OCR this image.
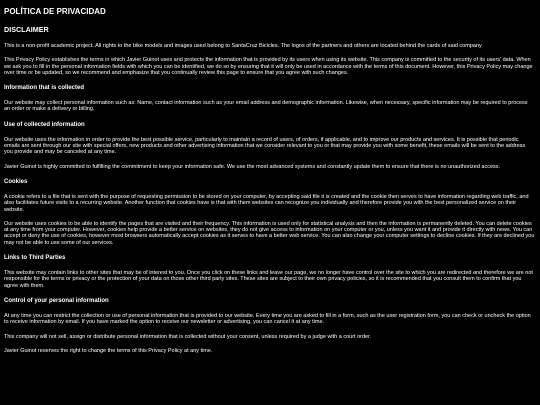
POLÍTICA DE PRIVACIDAD
DISCLAIMER

This is a non-profit academic project. All rights to the bike models and images used belong to SantaCruz Bicicles. The logos of the partners and others are located behind the cards of said company

This Privacy Policy establishes the terms in which Javier Guinot uses and protects the information that is provided by its users when using its website. This company is committed to the security of its users' data. When we ask you to fill in the personal information fields with which you can be identified, we do so by ensuring that it will only be used in accordance with the terms of this document. However, this Privacy Policy may change over time or be updated, so we recommend and emphasize that you continually review this page to ensure that you agree with such changes.

Information that is collected

Our website may collect personal information such as: Name, contact information such as your email address and demographic information. Likewise, when necessary, specific information may be required to process an order or make a delivery or billing.

Use of collected information

Our website uses the information in order to provide the best possible service, particularly to maintain a record of users, of orders, if applicable, and to improve our products and services. It is possible that periodic emails are sent through our site with special offers, new products and other advertising information that we consider relevant to you or that may provide you with some benefit, these emails will be sent to the address you provide and may be canceled at any time.

Javier Guinot is highly committed to fulfilling the commitment to keep your information safe. We use the most advanced systems and constantly update them to ensure that there is no unauthorized access.

Cookies

A cookie refers to a file that is sent with the purpose of requesting permission to be stored on your computer, by accepting said file it is created and the cookie then serves to have information regarding web traffic, and also facilitates future visits to a recurring website. Another function that cookies have is that with them websites can recognize you individually and therefore provide you with the best personalized service on their website.

Our website uses cookies to be able to identify the pages that are visited and their frequency. This information is used only for statistical analysis and then the information is permanently deleted. You can delete cookies at any time from your computer. However, cookies help provide a better service on websites, they do not give access to information on your computer or you, unless you want it and provide it directly with news. You can accept or deny the use of cookies, however most browsers automatically accept cookies as it serves to have a better web service. You can also change your computer settings to decline cookies. If they are declined you may not be able to use some of our services.

Links to Third Parties

This website may contain links to other sites that may be of interest to you. Once you click on these links and leave our page, we no longer have control over the site to which you are redirected and therefore we are not responsible for the terms or privacy or the protection of your data on those other third party sites. These sites are subject to their own privacy policies, so it is recommended that you consult them to confirm that you agree with them.

Control of your personal information

At any time you can restrict the collection or use of personal information that is provided to our website. Every time you are asked to fill in a form, such as the user registration form, you can check or uncheck the option to receive information by email. If you have marked the option to receive our newsletter or advertising, you can cancel it at any time.

This company will not sell, assign or distribute personal information that is collected without your consent, unless required by a judge with a court order.

Javier Guinot reserves the right to change the terms of this Privacy Policy at any time.
